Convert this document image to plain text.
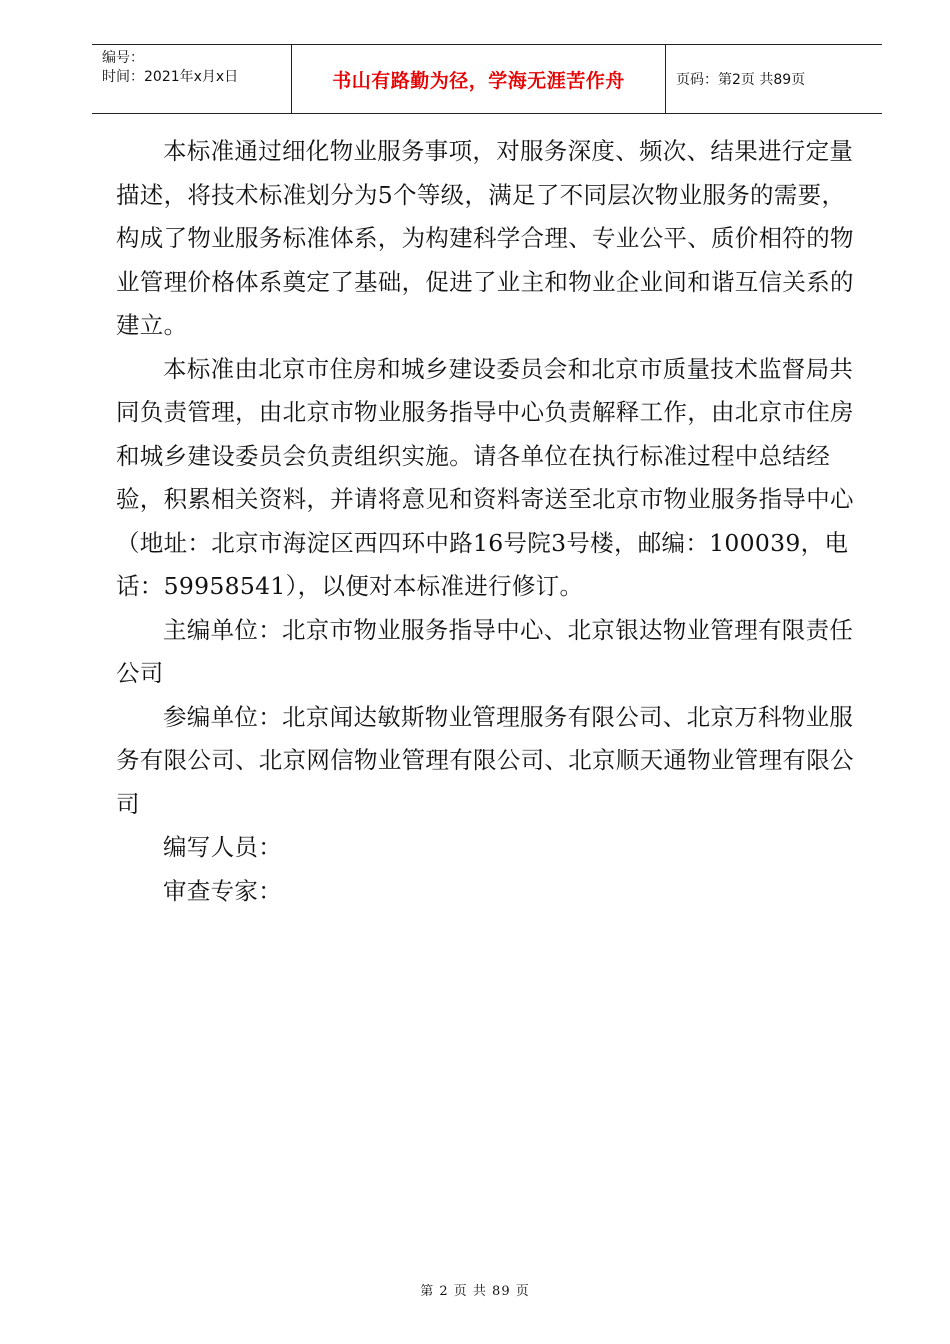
编号：
时间：2021年x月x日	书山有路勤为径，学海无涯苦作舟	页码：第2页 共89页

本标准通过细化物业服务事项，对服务深度、频次、结果进行定量描述，将技术标准划分为5个等级，满足了不同层次物业服务的需要，构成了物业服务标准体系，为构建科学合理、专业公平、质价相符的物业管理价格体系奠定了基础，促进了业主和物业企业间和谐互信关系的建立。

本标准由北京市住房和城乡建设委员会和北京市质量技术监督局共同负责管理，由北京市物业服务指导中心负责解释工作，由北京市住房和城乡建设委员会负责组织实施。请各单位在执行标准过程中总结经验，积累相关资料，并请将意见和资料寄送至北京市物业服务指导中心（地址：北京市海淀区西四环中路16号院3号楼，邮编：100039，电话：59958541），以便对本标准进行修订。

主编单位：北京市物业服务指导中心、北京银达物业管理有限责任公司

参编单位：北京闻达敏斯物业管理服务有限公司、北京万科物业服务有限公司、北京网信物业管理有限公司、北京顺天通物业管理有限公司

编写人员：

审查专家：

第 2 页 共 89 页
